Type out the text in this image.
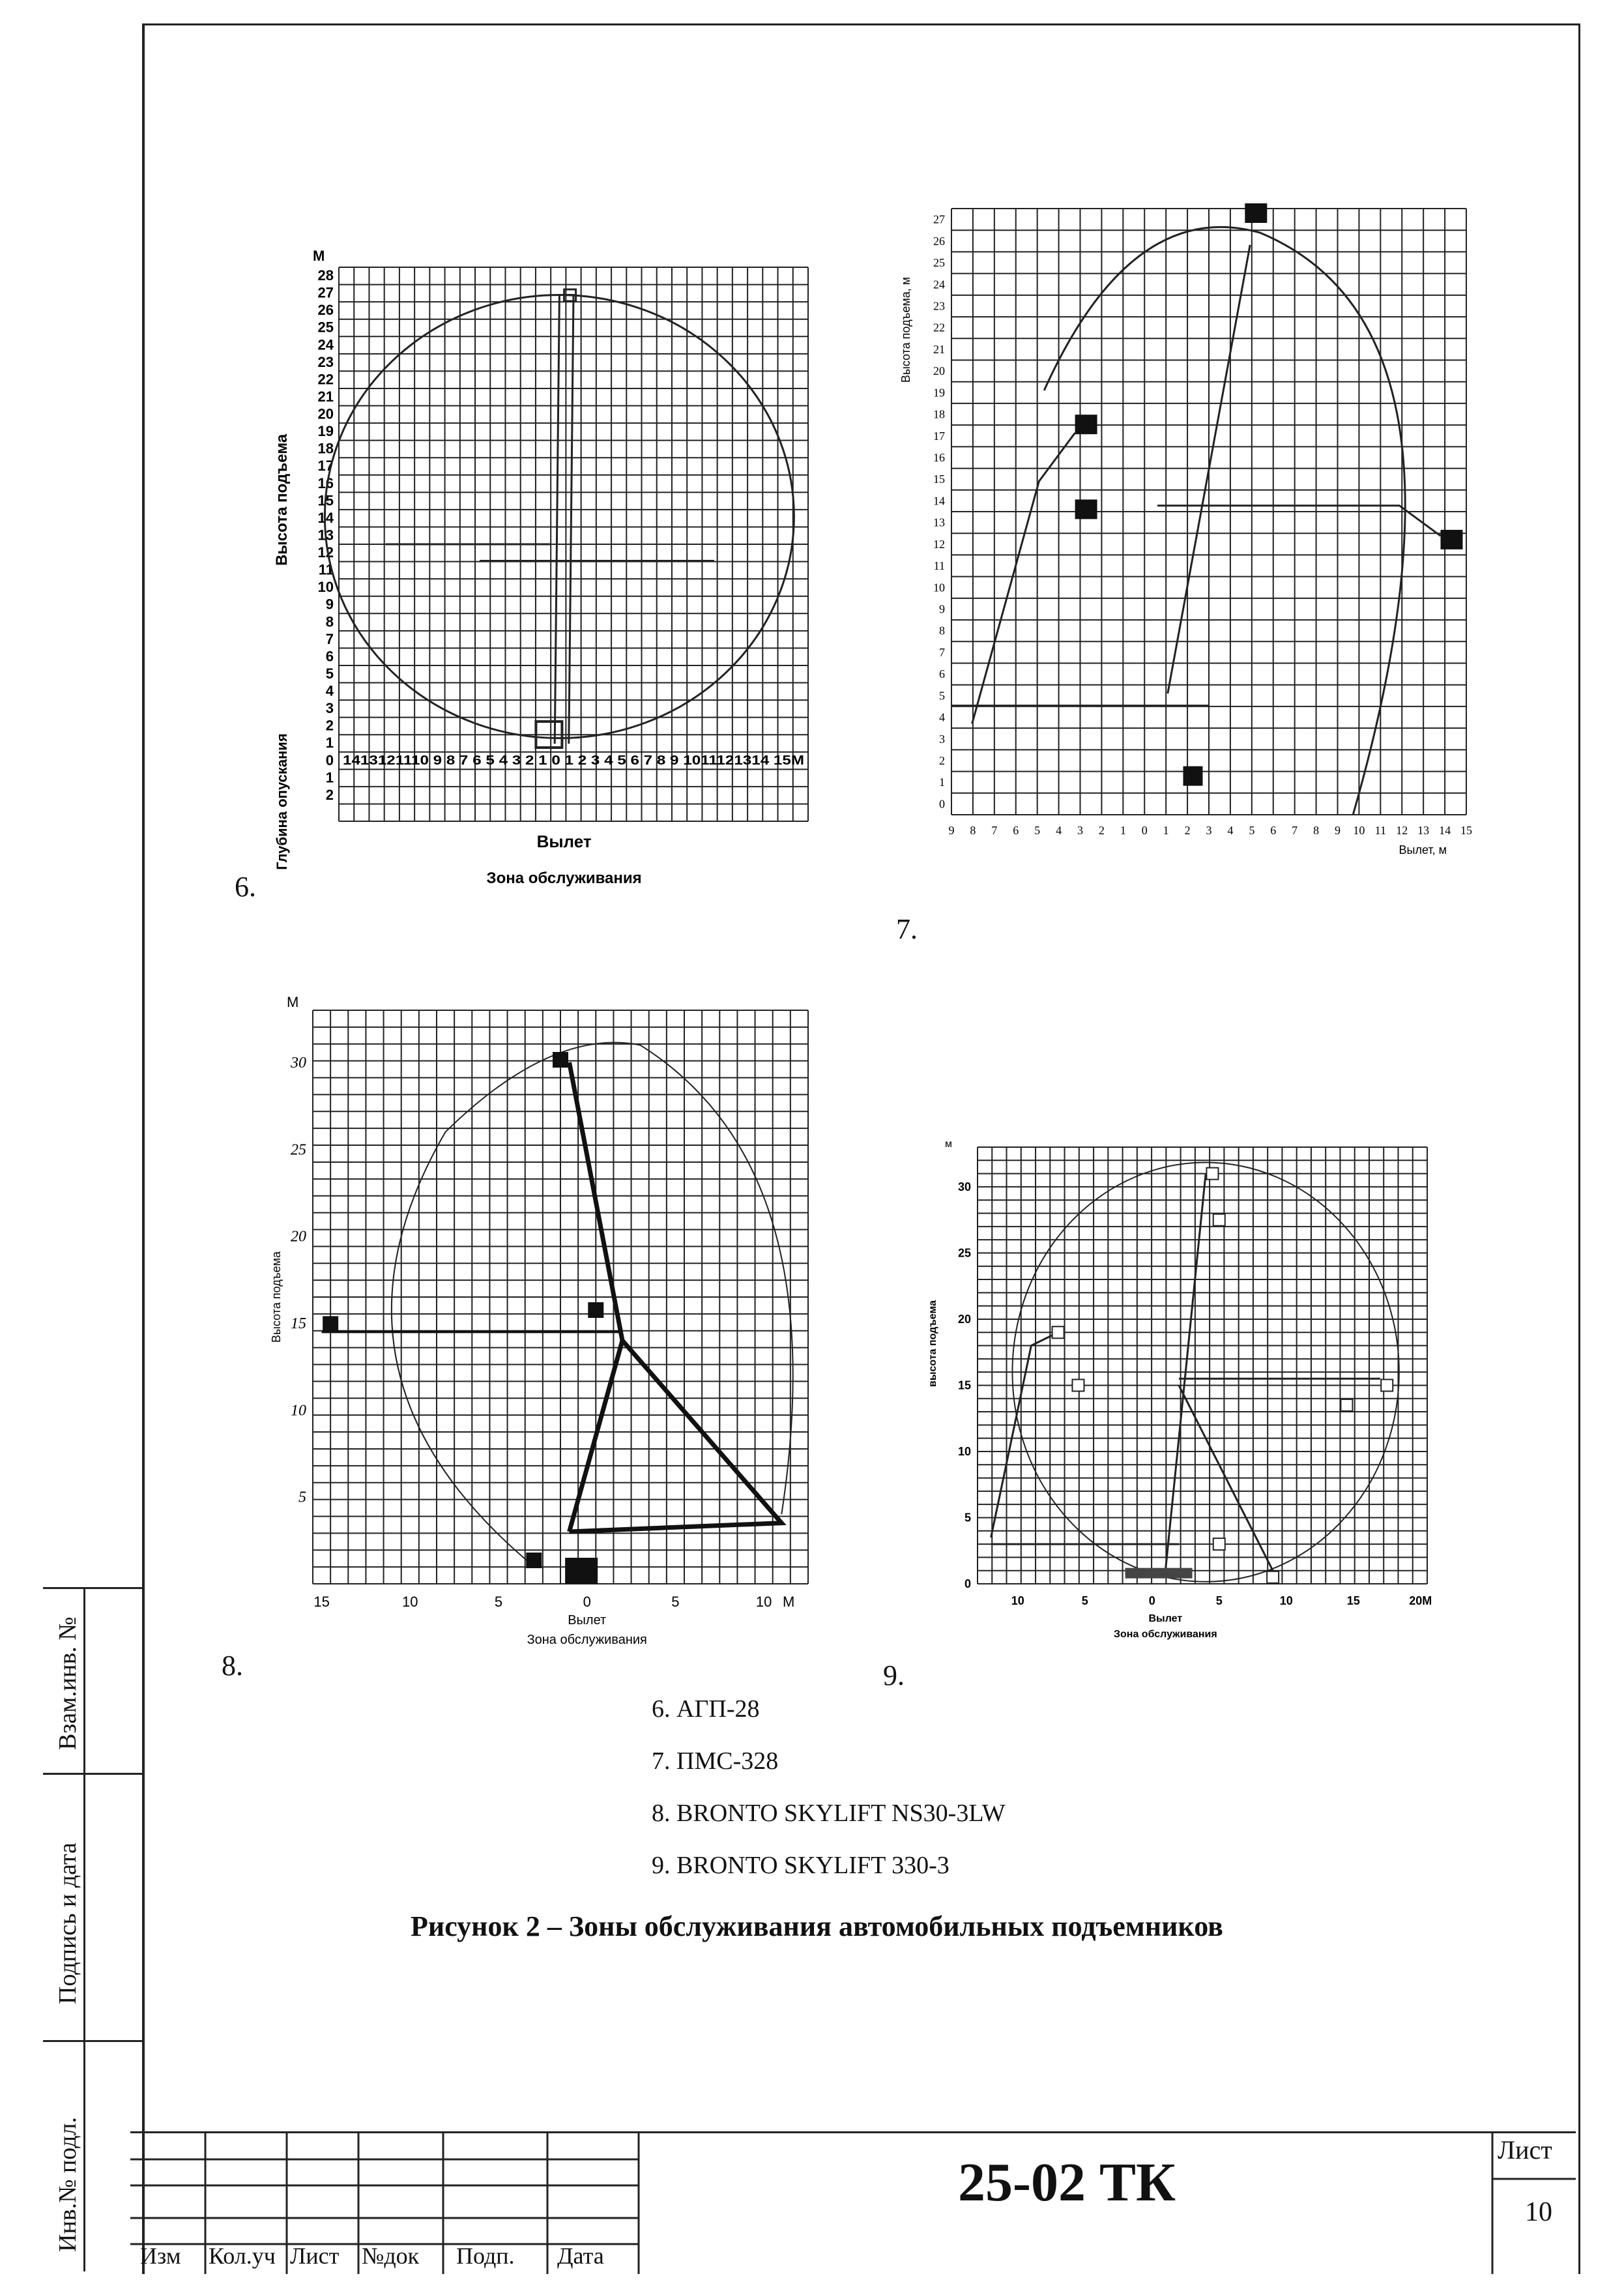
Взам.инв. №
Подпись и дата
Инв.№ подл.
М
28
27
26
25
24
23
22
21
20
19
18
17
16
15
14
13
12
11
10
9
8
7
6
5
4
3
2
1
0
1
2
1413121110 9 8 7 6 5 4 3 2 1 0 1 2 3 4 5 6 7 8 9 1011121314 15М
Высота подъема
Глубина опускания	Вылет
Зона обслуживания
6.
27
26
25
24
23
22
21
20
19
18
17
16
15
14
13
12
11
10
9
8
7
6
5
4
3
2
1
0
9 8 7 6 5 4 3 2 1 0 1 2 3 4 5 6 7 8 9 10 11 12 13 14 15
Высота подъема, м
Вылет, м
7.
М
30
25
20
15
10
5
15	10	5	0	5	10 М
Высота подъема
Вылет
Зона обслуживания
8.
м
30
25
20
15
10
5
0
10	5	0	5	10	15	20М
высота подъема
Вылет
Зона обслуживания
9.
6. АГП-28
7. ПМС-328
8. BRONTO SKYLIFT NS30-3LW
9. BRONTO SKYLIFT 330-3
Рисунок 2 – Зоны обслуживания автомобильных подъемников
25-02 ТК
Лист
10
Изм Кол.уч Лист №док Подп. Дата
